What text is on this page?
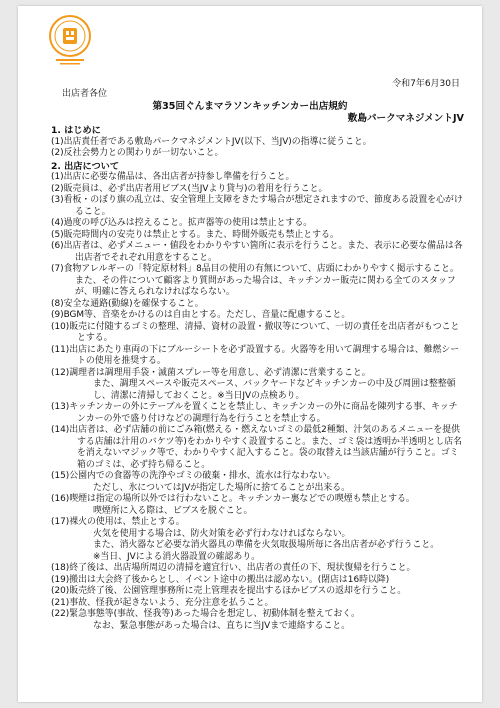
令和7年6月30日
出店者各位
第35回ぐんまマラソンキッチンカー出店規約
敷島パークマネジメントJV
1. はじめに
(1)出店責任者である敷島パークマネジメントJV(以下、当JV)の指導に従うこと。
(2)反社会勢力との関わりが一切ないこと。
2. 出店について
(1)出店に必要な備品は、各出店者が持参し準備を行うこと。
(2)販売員は、必ず出店者用ビブス(当JVより貸与)の着用を行うこと。
(3)看板・のぼり旗の乱立は、安全管理上支障をきたす場合が想定されますので、節度ある設置を心がけること。
(4)過度の呼び込みは控えること。拡声器等の使用は禁止とする。
(5)販売時間内の安売りは禁止とする。また、時間外販売も禁止とする。
(6)出店者は、必ずメニュー・値段をわかりやすい箇所に表示を行うこと。また、表示に必要な備品は各出店者でそれぞれ用意をすること。
(7)食物アレルギーの「特定原材料」8品目の使用の有無について、店頭にわかりやすく掲示すること。また、その件について顧客より質問があった場合は、キッチンカー販売に関わる全てのスタッフが、明確に答えられなければならない。
(8)安全な通路(動線)を確保すること。
(9)BGM等、音楽をかけるのは自由とする。ただし、音量に配慮すること。
(10)販売に付随するゴミの整理、清掃、資材の設置・撤収等について、一切の責任を出店者がもつこととする。
(11)出店にあたり車両の下にブルーシートを必ず設置する。火器等を用いて調理する場合は、難燃シートの使用を推奨する。
(12)調理者は調理用手袋・滅菌スプレー等を用意し、必ず清潔に営業すること。
また、調理スペースや販売スペース、バックヤードなどキッチンカーの中及び周囲は整整頓し、清潔に清掃しておくこと。※当日JVの点検あり。
(13)キッチンカーの外にテーブルを置くことを禁止し、キッチンカーの外に商品を陳列する事、キッチンカーの外で盛り付けなどの調理行為を行うことを禁止する。
(14)出店者は、必ず店舗の前にごみ箱(燃える・燃えないゴミの最低2種類、汁気のあるメニューを提供する店舗は汁用のバケツ等)をわかりやすく設置すること。また、ゴミ袋は透明か半透明とし店名を消えないマジック等で、わかりやすく記入すること。袋の取替えは当該店舗が行うこと。ゴミ箱のゴミは、必ず持ち帰ること。
(15)公園内での食器等の洗浄やゴミの破棄・排水、流水は行なわない。
ただし、氷についてはJVが指定した場所に捨てることが出来る。
(16)喫煙は指定の場所以外では行わないこと。キッチンカー裏などでの喫煙も禁止とする。
喫煙所に入る際は、ビブスを脱ぐこと。
(17)裸火の使用は、禁止とする。
火気を使用する場合は、防火対策を必ず行わなければならない。
また、消火器など必要な消火器具の準備を火気取扱場所毎に各出店者が必ず行うこと。
※当日、JVによる消火器設置の確認あり。
(18)終了後は、出店場所周辺の清掃を適宜行い、出店者の責任の下、現状復帰を行うこと。
(19)搬出は大会終了後からとし、イベント途中の搬出は認めない。(閉店は16時以降)
(20)販売終了後、公園管理事務所に売上管理表を提出するほかビブスの返却を行うこと。
(21)事故、怪我が起きないよう、充分注意を払うこと。
(22)緊急事態等(事故、怪我等)あった場合を想定し、初動体制を整えておく。
なお、緊急事態があった場合は、直ちに当JVまで連絡すること。
